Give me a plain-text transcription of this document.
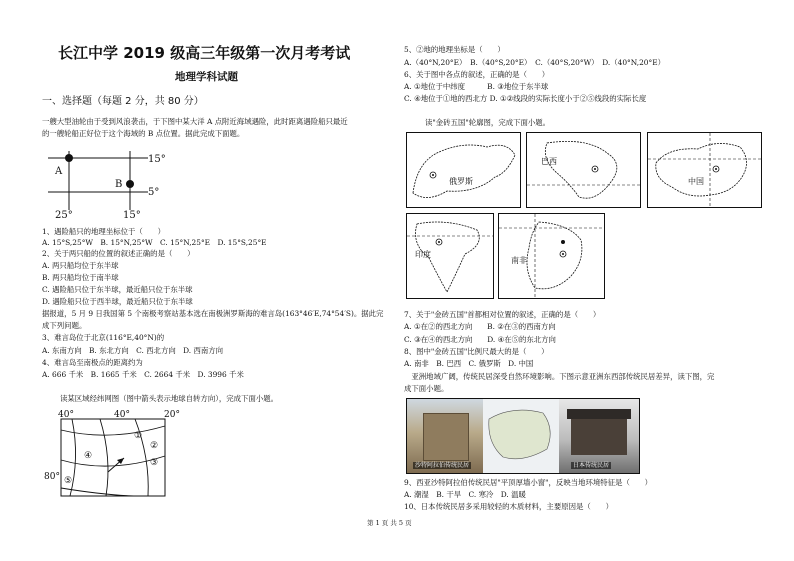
长江中学 2019 级高三年级第一次月考考试
地理学科试题
一、选择题（每题 2 分，共 80 分）
一艘大型油轮由于受到风浪袭击，于下图中某大洋 A 点附近海域遇险，此时距离遇险船只最近
的一艘轮船正好位于这个海域的 B 点位置。据此完成下面题。
15°
5°
25°	15°
A
B
1、遇险船只的地理坐标位于（　　）
A. 15°S,25°W　B. 15°N,25°W　C. 15°N,25°E　D. 15°S,25°E
2、关于两只船的位置的叙述正确的是（　　）
A. 两只船均位于东半球
B. 两只船均位于南半球
C. 遇险船只位于东半球，最近船只位于东半球
D. 遇险船只位于西半球，最近船只位于东半球
据报道，5 月 9 日我国第 5 个南极考察站基本选在南极洲罗斯海的难言岛(163°46′E,74°54′S)。据此完
成下列问题。
3、难言岛位于北京(116°E,40°N)的
A. 东南方向　B. 东北方向　C. 西北方向　D. 西南方向
4、难言岛至南极点的距离约为
A. 666 千米　B. 1665 千米　C. 2664 千米　D. 3996 千米
读某区域经纬网图（图中箭头表示地球自转方向），完成下面小题。
40°	40°	20°
80°
①
②
③
④
⑤
5、②地的地理坐标是（　　）
A.（40°N,20°E）　B.（40°S,20°E）　C.（40°S,20°W）　D.（40°N,20°E）
6、关于图中各点的叙述，正确的是（　　）
A. ①地位于中纬度　　　B. ③地位于东半球
C. ④地位于①地的西北方 D. ①②线段的实际长度小于②⑤线段的实际长度
读"金砖五国"轮廓图，完成下面小题。
俄罗斯
巴西
中国
印度
南非
7、关于"金砖五国"首都相对位置的叙述，正确的是（　　）
A. ①在②的西北方向　　B. ②在③的西南方向
C. ③在④的西北方向　　D. ④在⑤的东北方向
8、图中"金砖五国"比例尺最大的是（　　）
A. 南非　B. 巴西　C. 俄罗斯　D. 中国
　亚洲地域广阔，传统民居深受自然环境影响。下图示意亚洲东西部传统民居差异，读下图，完
成下面小题。
沙特阿拉伯传统民居	日本传统民居
9、西亚沙特阿拉伯传统民居"平顶厚墙小窗"，反映当地环境特征是（　　）
A. 潮湿　B. 干旱　C. 寒冷　D. 温暖
10、日本传统民居多采用较轻的木质材料，主要原因是（　　）
第 1 页 共 5 页
